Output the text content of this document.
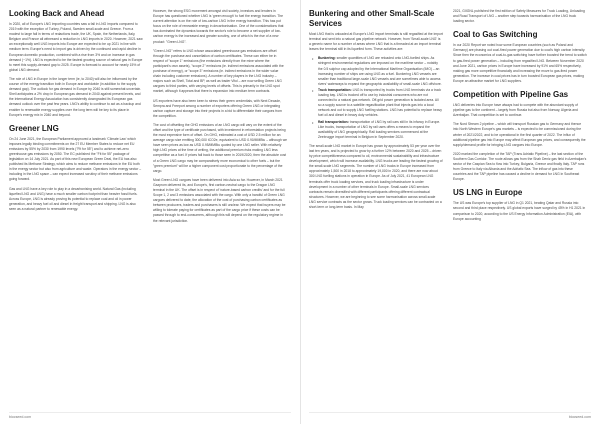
Looking Back and Ahead

In 2020, all of Europe's LNG importing countries saw a fall in LNG imports compared to 2019 with the exception of Turkey, Poland, Sweden small-scale and Greece. From a modest to large fall in terms of redactions trade, the UK, Spain, the Netherlands, Italy, Belgium and France all witnessed a reduction in LNG imports in 2020. However, 2021 saw an exceptionally well LNG imports into Europe are expected to be up 2021 in line with medium term. Europe's need to import gas is driven by the continued and rapid decline in European domestic production, combined with a rise from 3% and on increase in gas demand (~1%). LNG is expected to be the fastest growing source of natural gas in Europe to meet this supply-demand gap to 2025. Europe is forecast to account for nearly 15% of global LNG demand.

The role of LNG in Europe in the longer term (ie, to 2040) will also be influenced by the course of the energy transition both in Europe and worldwide (in addition to the supply demand gap). The outlook for gas demand in Europe by 2040 is still somewhat uncertain. Shell anticipates a 2% drop in European gas demand in 2040 against present levels, and the International Energy Association has consistently downgraded its European gas demand outlook over the past few years. LNG's ability to continue to act as a backup and enabler to renewable energy supplies over the long term will be key to its place in Europe's energy mix in 2040 and beyond.

Greener LNG

On 24 June 2021, the European Parliament approved a landmark 'Climate Law' which imposes legally binding commitments on the 27 EU Member States to reduce net EU emissions by 55% by 2030 from 1990 levels ("Fit for 55") and to achieve net-zero greenhouse gas emissions by 2050. The EC published the "Fit for 55" package of legislation on 14 July 2021. As part of this new European Green Deal, the EU has also published its Methane Strategy, which aims to reduce methane emissions in the EU both in the energy sector but also from agriculture and waste. Operators in the energy sector – including in the LNG space – can expect increased scrutiny of their methane emissions going forward.

Gas and LNG have a key role to play in a decarbonising world. Natural Gas (including liquefied LNG and LNG) have a much smaller carbon footprint than heavier fossil fuels. Across Europe, LNG is already proving its potential to replace coal and oil in power generation, and heavy fuel oil and diesel in freight transport and shipping. LNG is also seen as a natural partner to renewable energy.

However, the strong ESG movement amongst civil society, investors and lenders in Europe has questioned whether LNG is 'green enough' to fuel the energy transition. The current attention is on the role of low-carbon LNG in the energy transition. This has put focus on the role of renewable energy in decarbonisation. One of the considerations that has dominated the dynamics towards the sector's role to become a net supplier of low-carbon energy is the increased and greater scrutiny, one of which is the rise of a new product: "Green LNG".

"Green LNG" refers to LNG whose associated greenhouse gas emissions are offset through the purchase and cancellation of carbon certificates. These can either be in respect of "scope 1" emissions (the emissions directly from the mine where the participant's own assets), "scope 2" emissions (ie. indirect emissions associated with the purchase of energy), or "scope 3" emissions (ie. indirect emissions in the wider value chain including customer emissions). A number of key players in the LNG industry – majors such as Shell, Total and BP, as well as trader Vitol – are now selling Green LNG cargoes to third parties, with varying levels of offsets. This is primarily in the LNG spot market, although it appears that there is expansion into medium term contracts.

US exporters have also been keen to stress their green credentials, with Next Decade, Sempra and Freeport among a number of exporters offering Green LNG or integrating carbon capture and storage into their projects in a bid to differentiate their cargoes from the competition.

The cost of offsetting the GHG emissions of an LNG cargo will vary on the extent of the offset and the type of certificate purchased, with investment in reforestation projects being the most expensive form of offset. On GHG, estimated a cost of USD 2.5 million for an average cargo size emitting 300,000 tCO2e, equivalent to USD 0.90/MMBtu – although we have seen prices as low as USD 0.95/MMBtu quoted by one LNG seller. With relatively high LNG prices at the time of writing, the additional premium risks making LNG less competitive as a fuel. If prices fall back to those seen in 2019/2020, then the absolute cost of a Green LNG cargo may be comparatively more economical to other fuels – but the "green premium" will be a higher component cost proportionate to the percentage of the cargo.

Most Green LNG cargoes have been delivered into Asia so far. However, in March 2021 Gazprom delivered its, and Europe's, first carbon-neutral cargo to the Dragon LNG terminal in the UK. The offset is in respect of 'nature-based carbon credits' and for the full Scope 1, 2 and 3 emissions associated with the cargo. With only a handful of Green LNG cargoes delivered to date, the allocation of the cost of purchasing carbon certificates as between producers, traders and purchasers is still unclear. We expect that buyers may be willing to tolerate paying for certificates as part of the cargo price if these costs can be passed through to end-consumers, although this will depend on the regulatory regime in the relevant jurisdiction.

biocseed.com
Bunkering and other Small-Scale Services

Most LNG that is unloaded at Europe's LNG import terminals is still regasified at the import terminal and sent into a natural gas pipeline network. However, from 'Small-scale LNG' is a generic name for a number of areas where LNG that is a threaded at an import terminal leaves the terminal still in its liquefied form. These activities are:

• Bunkering: smaller quantities of LNG are reloaded onto LNG-fuelled ships. As stringent environmental regulations are imposed on the maritime sector – notably the 0.5 sulphur cap adopted by the International Maritime Organisation (IMO) – an increasing number of ships are using LNG as a fuel. Bunkering LNG vessels are smaller than traditional large-scale LNG vessels and are sometimes able to access rivers' waterways to expand the geographic availability of small-scale LNG offshore.
• Truck transportation: LNG is transported by trucks from LNG terminals via a truck loading bay. LNG is trucked off to use by industrial consumers who are not connected to a natural gas network. Off-grid power generation is isolated area. All so a supply source to a satellite regasification plant that injects gas into a local network and out to supply LNG fuelling stations. LNG has potential to replace heavy fuel oil and diesel in heavy duty vehicles.
• Rail transportation: transportation of LNG by rail cars still in its infancy in Europe. Like trucks, transportation of LNG by rail uses offers a means to expand the availability of LNG geographically. Rail loading services commenced at the Zeebrugge import terminal in Belgium in September 2020.

The small-scale LNG market in Europe has grown by approximately 53 per year over the last ten years, and is projected to grow by a further 12% between 2020 and 2025 – driven by price competitiveness compared to oil, environmental sustainability and infrastructure development, which will increase availability. LNG trucks are leading the fastest growing of the small-scale LNG segments. The number of LNG trucks in Europe increased from approximately 1,500 in 2018 to approximately 19,000 in 2020, and there are now about 300 LNG fuelling stations in operation in Europe. As of July 2021, 41 European LNG terminals offer truck loading services, and truck loading infrastructure is under development in a number of other terminals in Europe. Small-scale LNG services contracts remain diversified with different participants offering different contractual structures. However, we are beginning to see some harmonisation across small-scale LNG service contracts as the sector grows. Truck loading services can be contracted on a short-term or long-term basis. In May

2021, GIIGNL published the first edition of Safety Measures for Truck Loading, Unloading and Road Transport of LNG – another step towards harmonisation of the LNG truck loading sector.

Coal to Gas Switching

In our 2020 Report we noted how some European countries (such as Poland and Germany) are phasing out coal-fired power generation due to coal's high carbon intensity. Since then the economics of coal-to-gas switching have further boosted the trend to switch to gas-fired power generation – including from regasified LNG. Between November 2020 and June 2021, carbon prices in Europe have increased by 91% and 65% respectively, making gas more competitive financially and increasing the move to gas-fired power generation. The increase in coal prices has in turn boosted European gas prices, making Europe an attractive market for LNG suppliers.

Competition with Pipeline Gas

LNG deliveries into Europe have always had to compete with the abundant supply of pipeline gas to the continent – largely from Russia but also from Norway, Algeria and Azerbaijan. That competition is set to continue.

The Nord Stream 2 pipeline – which will transport Russian gas to Germany and thence into North Western Europe's gas markets – is expected to be commissioned during the winter of 2021/2022, and to be operational in the first quarter of 2022. The influx of additional pipeline gas into Europe may affect European gas prices, and consequently the supply/demand profile for bringing LNG cargoes into Europe.

2020 marked the completion of the TAP (Trans Adriatic Pipeline) – the last section of the Southern Gas Corridor. The route allows gas from the Shah Deniz gas field in Azerbaijan's sector of the Caspian Sea to flow into Turkey, Bulgaria, Greece and finally Italy. TAP runs from Greece to Italy via Albania and the Adriatic Sea. The inflow of gas into these countries and the TAP pipeline has caused a decline in demand for LNG in Southeast Europe.

US LNG in Europe

The US was Europe's top supplier of LNG in Q1 2021, beating Qatar and Russia into second and third place respectively. US global exports have surged by 45% in H1 2021 in comparison to 2020, according to the US Energy Information Administration (EIA), with Europe accounting

biocseed.com
